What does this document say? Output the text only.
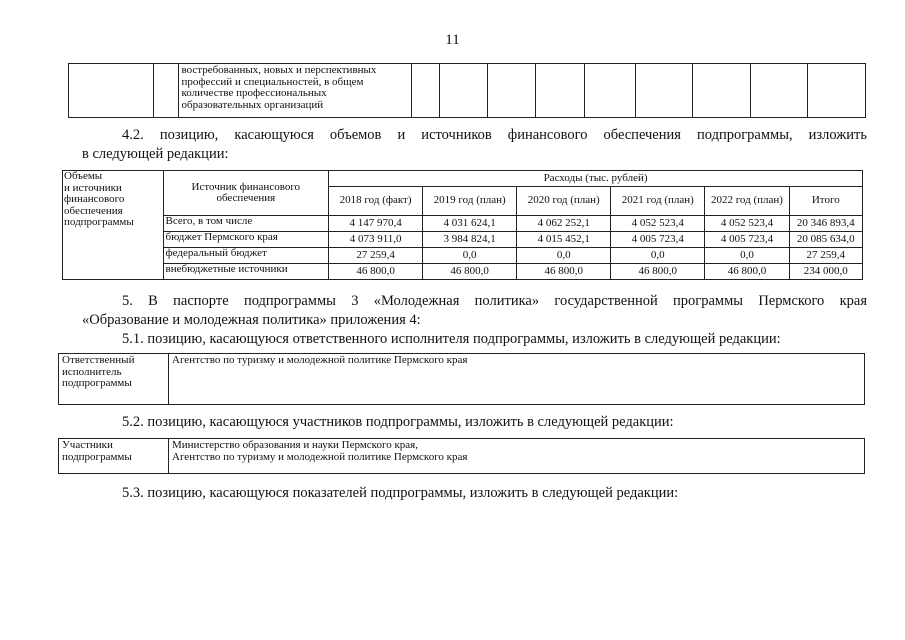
11

востребованных, новых и перспективных
профессий и специальностей, в общем
количестве профессиональных
образовательных организаций

4.2. позицию, касающуюся объемов и источников финансового обеспечения подпрограммы, изложить
в следующей редакции:
Объемы
и источники
финансового
обеспечения
подпрограммы	Источник финансового обеспечения	Расходы (тыс. рублей)					
		2018 год (факт)	2019 год (план)	2020 год (план)	2021 год (план)	2022 год (план)	Итого
	Всего, в том числе	4 147 970,4	4 031 624,1	4 062 252,1	4 052 523,4	4 052 523,4	20 346 893,4
	бюджет Пермского края	4 073 911,0	3 984 824,1	4 015 452,1	4 005 723,4	4 005 723,4	20 085 634,0
	федеральный бюджет	27 259,4	0,0	0,0	0,0	0,0	27 259,4
	внебюджетные источники	46 800,0	46 800,0	46 800,0	46 800,0	46 800,0	234 000,0
5. В паспорте подпрограммы 3 «Молодежная политика» государственной программы Пермского края
«Образование и молодежная политика» приложения 4:
5.1. позицию, касающуюся ответственного исполнителя подпрограммы, изложить в следующей редакции:
Ответственный
исполнитель
подпрограммы
	Агентство по туризму и молодежной политике Пермского края
5.2. позицию, касающуюся участников подпрограммы, изложить в следующей редакции:
Участники
подпрограммы

Министерство образования и науки Пермского края,
Агентство по туризму и молодежной политике Пермского края
5.3. позицию, касающуюся показателей подпрограммы, изложить в следующей редакции:
